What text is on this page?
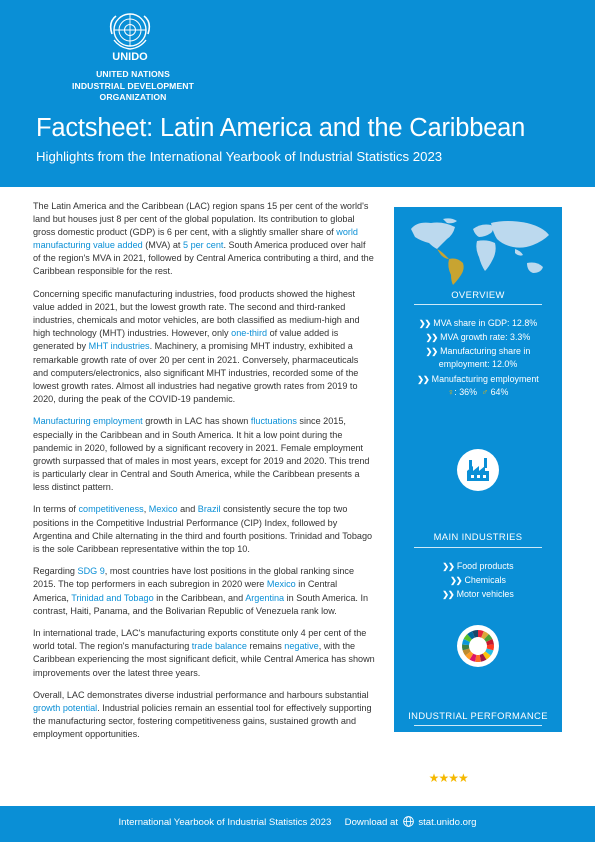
UNIDO
UNITED NATIONS
INDUSTRIAL DEVELOPMENT ORGANIZATION
Factsheet: Latin America and the Caribbean
Highlights from the International Yearbook of Industrial Statistics 2023

The Latin America and the Caribbean (LAC) region spans 15 per cent of the world's land but houses just 8 per cent of the global population. Its contribution to global gross domestic product (GDP) is 6 per cent, with a slightly smaller share of world manufacturing value added (MVA) at 5 per cent. South America produced over half of the region's MVA in 2021, followed by Central America contributing a third, and the Caribbean responsible for the rest.

Concerning specific manufacturing industries, food products showed the highest value added in 2021, but the lowest growth rate. The second and third-ranked industries, chemicals and motor vehicles, are both classified as medium-high and high technology (MHT) industries. However, only one-third of value added is generated by MHT industries. Machinery, a promising MHT industry, exhibited a remarkable growth rate of over 20 per cent in 2021. Conversely, pharmaceuticals and computers/electronics, also significant MHT industries, recorded some of the lowest growth rates. Almost all industries had negative growth rates from 2019 to 2020, during the peak of the COVID-19 pandemic.

Manufacturing employment growth in LAC has shown fluctuations since 2015, especially in the Caribbean and in South America. It hit a low point during the pandemic in 2020, followed by a significant recovery in 2021. Female employment growth surpassed that of males in most years, except for 2019 and 2020. This trend is particularly clear in Central and South America, while the Caribbean presents a less distinct pattern.

In terms of competitiveness, Mexico and Brazil consistently secure the top two positions in the Competitive Industrial Performance (CIP) Index, followed by Argentina and Chile alternating in the third and fourth positions. Trinidad and Tobago is the sole Caribbean representative within the top 10.

Regarding SDG 9, most countries have lost positions in the global ranking since 2015. The top performers in each subregion in 2020 were Mexico in Central America, Trinidad and Tobago in the Caribbean, and Argentina in South America. In contrast, Haiti, Panama, and the Bolivarian Republic of Venezuela rank low.

In international trade, LAC's manufacturing exports constitute only 4 per cent of the world total. The region's manufacturing trade balance remains negative, with the Caribbean experiencing the most significant deficit, while Central America has shown improvements over the latest three years.

Overall, LAC demonstrates diverse industrial performance and harbours substantial growth potential. Industrial policies remain an essential tool for effectively supporting the manufacturing sector, fostering competitiveness gains, sustained growth and employment opportunities.

OVERVIEW
❯❯ MVA share in GDP: 12.8%
❯❯ MVA growth rate: 3.3%
❯❯ Manufacturing share in
employment: 12.0%
❯❯ Manufacturing employment
♀: 36% ♂ 64%
MAIN INDUSTRIES
❯❯ Food products
❯❯ Chemicals
❯❯ Motor vehicles
INDUSTRIAL PERFORMANCE
❯❯ CIP Index average rank: 46th
❯❯ SDG Industry Index:
★★★★★★★★★★
International Yearbook of Industrial Statistics 2023 Download at stat.unido.org
